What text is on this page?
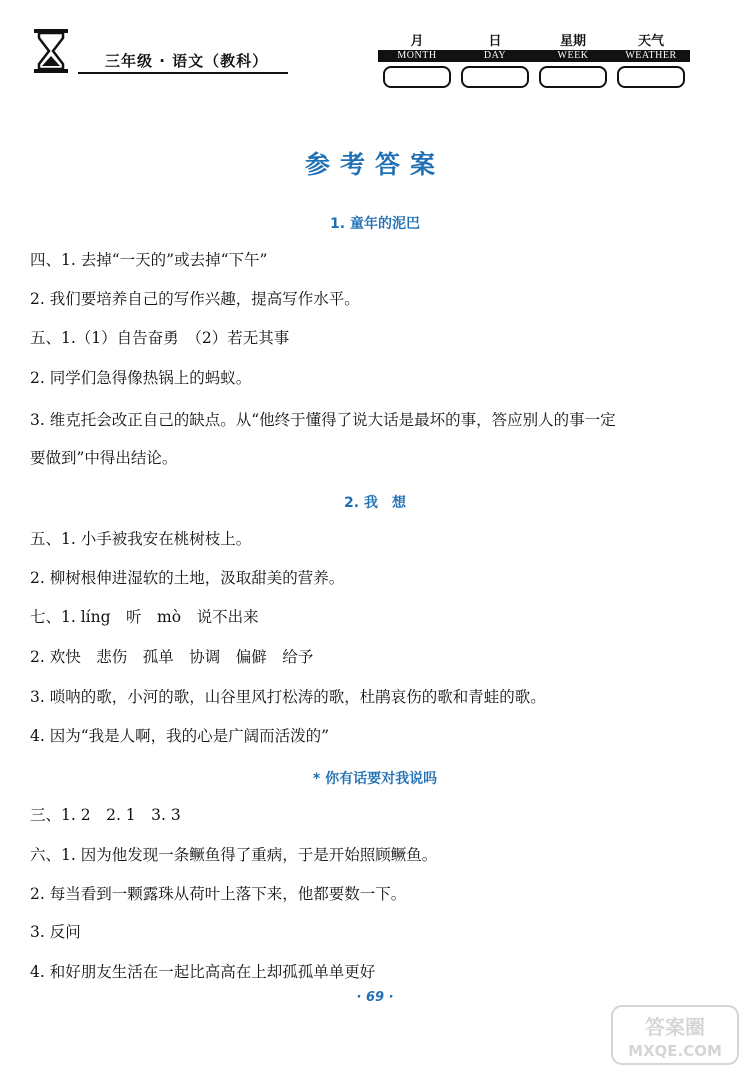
三年级 · 语文（教科）
月
MONTH
日
DAY
星期
WEEK
天气
WEATHER
参考答案
1. 童年的泥巴
四、1. 去掉“一天的”或去掉“下午”
2. 我们要培养自己的写作兴趣，提高写作水平。
五、1.（1）自告奋勇　（2）若无其事
2. 同学们急得像热锅上的蚂蚁。
3. 维克托会改正自己的缺点。从“他终于懂得了说大话是最坏的事，答应别人的事一定
要做到”中得出结论。
2. 我　想
五、1. 小手被我安在桃树枝上。
2. 柳树根伸进湿软的土地，汲取甜美的营养。
七、1. líng　听　mò　说不出来
2. 欢快　悲伤　孤单　协调　偏僻　给予
3. 唢呐的歌，小河的歌，山谷里风打松涛的歌，杜鹃哀伤的歌和青蛙的歌。
4. 因为“我是人啊，我的心是广阔而活泼的”
* 你有话要对我说吗
三、1. 2　2. 1　3. 3
六、1. 因为他发现一条鳜鱼得了重病，于是开始照顾鳜鱼。
2. 每当看到一颗露珠从荷叶上落下来，他都要数一下。
3. 反问
4. 和好朋友生活在一起比高高在上却孤孤单单更好
· 69 ·
答案圈
MXQE.COM
